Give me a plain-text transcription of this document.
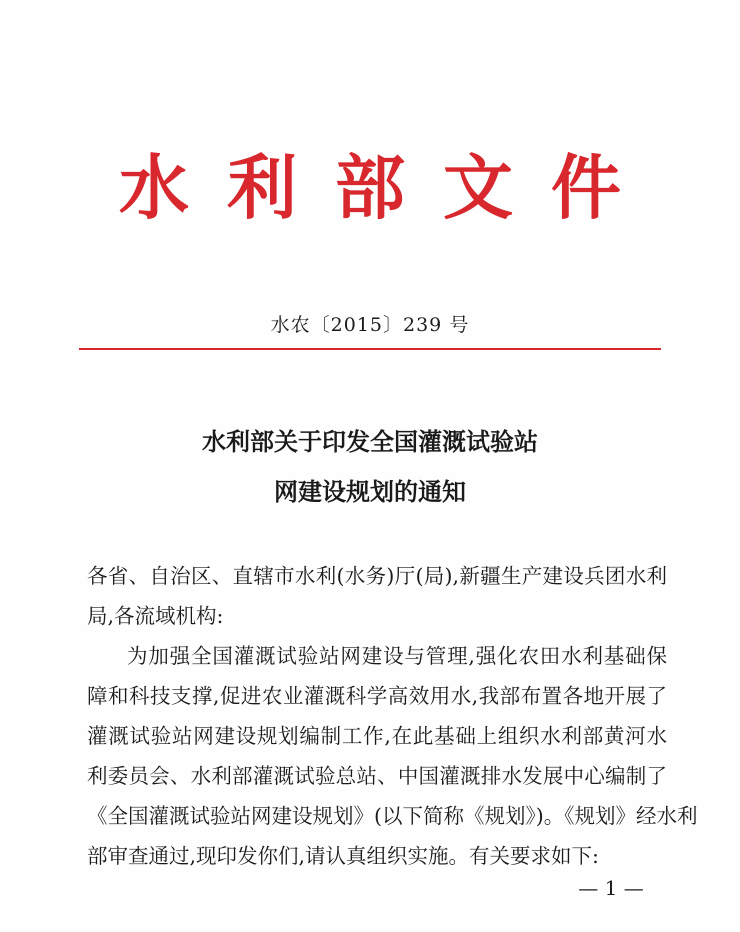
水利部文件
水农〔2015〕239 号
水利部关于印发全国灌溉试验站
网建设规划的通知
各省、自治区、直辖市水利(水务)厅(局),新疆生产建设兵团水利
局,各流域机构:
为加强全国灌溉试验站网建设与管理,强化农田水利基础保
障和科技支撑,促进农业灌溉科学高效用水,我部布置各地开展了
灌溉试验站网建设规划编制工作,在此基础上组织水利部黄河水
利委员会、水利部灌溉试验总站、中国灌溉排水发展中心编制了
《全国灌溉试验站网建设规划》(以下简称《规划》)。《规划》经水利
部审查通过,现印发你们,请认真组织实施。有关要求如下:
— 1 —
